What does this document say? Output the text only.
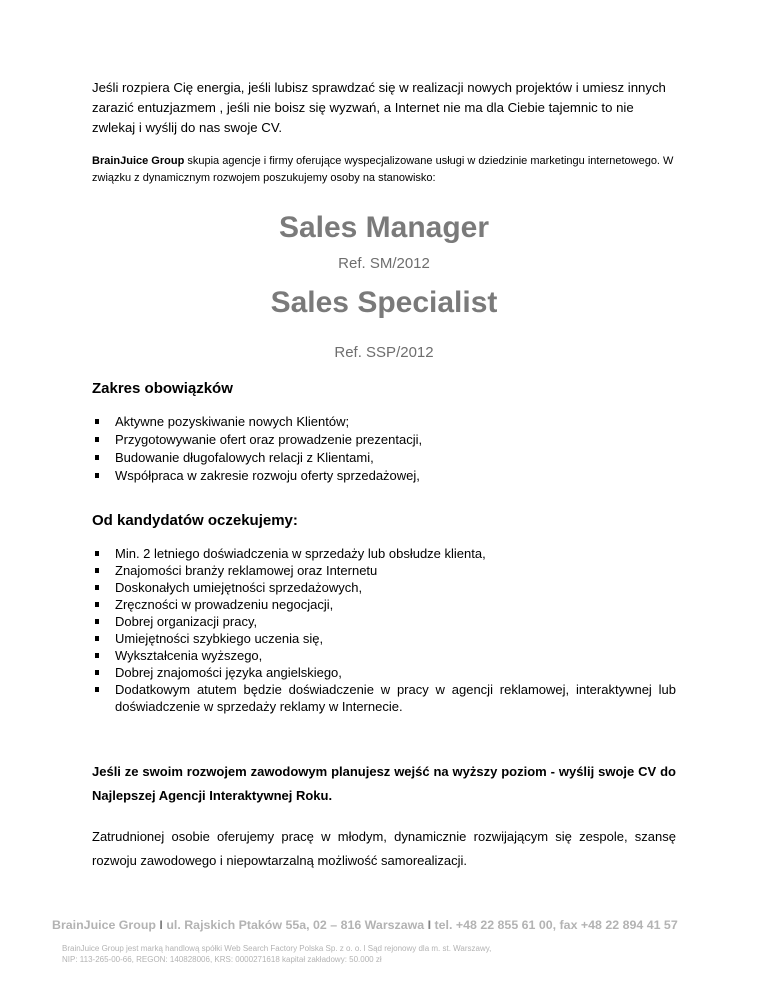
Jeśli rozpiera Cię energia, jeśli lubisz sprawdzać się w realizacji nowych projektów i umiesz innych zarazić entuzjazmem , jeśli nie boisz się wyzwań, a Internet nie ma dla Ciebie tajemnic to nie zwlekaj i wyślij do nas swoje CV.

BrainJuice Group skupia agencje i firmy oferujące wyspecjalizowane usługi w dziedzinie marketingu internetowego. W związku z dynamicznym rozwojem poszukujemy osoby na stanowisko:

Sales Manager

Ref. SM/2012

Sales Specialist

Ref. SSP/2012

Zakres obowiązków
Aktywne pozyskiwanie nowych Klientów;
Przygotowywanie ofert oraz prowadzenie prezentacji,
Budowanie długofalowych relacji z Klientami,
Współpraca w zakresie rozwoju oferty sprzedażowej,
Od kandydatów oczekujemy:
Min. 2 letniego doświadczenia w sprzedaży lub obsłudze klienta,
Znajomości branży reklamowej oraz Internetu
Doskonałych umiejętności sprzedażowych,
Zręczności w prowadzeniu negocjacji,
Dobrej organizacji pracy,
Umiejętności szybkiego uczenia się,
Wykształcenia wyższego,
Dobrej znajomości języka angielskiego,
Dodatkowym atutem będzie doświadczenie w pracy w agencji reklamowej, interaktywnej lub doświadczenie w sprzedaży reklamy w Internecie.

Jeśli ze swoim rozwojem zawodowym planujesz wejść na wyższy poziom - wyślij swoje CV do Najlepszej Agencji Interaktywnej Roku.

Zatrudnionej osobie oferujemy pracę w młodym, dynamicznie rozwijającym się zespole, szansę rozwoju zawodowego i niepowtarzalną możliwość samorealizacji.

BrainJuice Group I ul. Rajskich Ptaków 55a, 02 – 816 Warszawa I tel. +48 22 855 61 00, fax +48 22 894 41 57
BrainJuice Group jest marką handlową spółki Web Search Factory Polska Sp. z o. o. l Sąd rejonowy dla m. st. Warszawy,
NIP: 113-265-00-66, REGON: 140828006, KRS: 0000271618 kapitał zakładowy: 50.000 zł
